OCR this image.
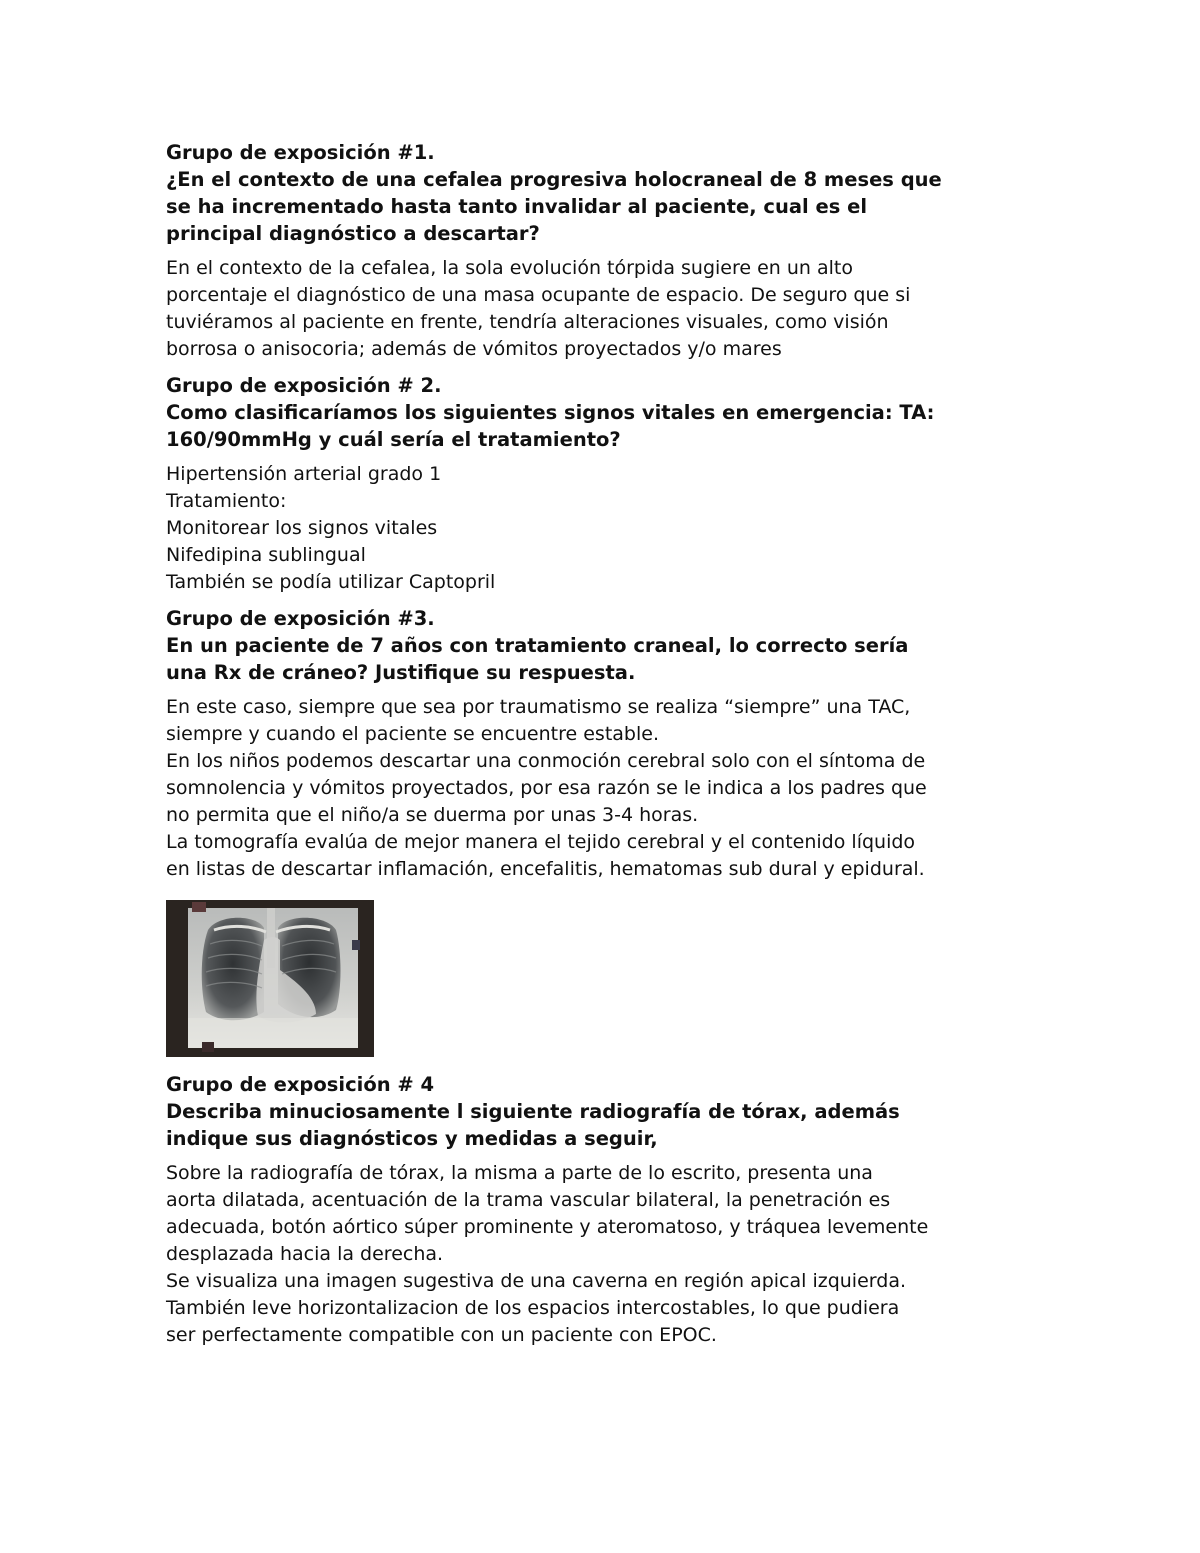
Grupo de exposición #1.
¿En el contexto de una cefalea progresiva holocraneal de 8 meses que
se ha incrementado hasta tanto invalidar al paciente, cual es el
principal diagnóstico a descartar?

En el contexto de la cefalea, la sola evolución tórpida sugiere en un alto
porcentaje el diagnóstico de una masa ocupante de espacio. De seguro que si
tuviéramos al paciente en frente, tendría alteraciones visuales, como visión
borrosa o anisocoria; además de vómitos proyectados y/o mares

Grupo de exposición # 2.
Como clasificaríamos los siguientes signos vitales en emergencia: TA:
160/90mmHg y cuál sería el tratamiento?

Hipertensión arterial grado 1
Tratamiento:
Monitorear los signos vitales
Nifedipina sublingual
También se podía utilizar Captopril

Grupo de exposición #3.
En un paciente de 7 años con tratamiento craneal, lo correcto sería
una Rx de cráneo? Justifique su respuesta.

En este caso, siempre que sea por traumatismo se realiza “siempre” una TAC,
siempre y cuando el paciente se encuentre estable.
En los niños podemos descartar una conmoción cerebral solo con el síntoma de
somnolencia y vómitos proyectados, por esa razón se le indica a los padres que
no permita que el niño/a se duerma por unas 3-4 horas.
La tomografía evalúa de mejor manera el tejido cerebral y el contenido líquido
en listas de descartar inflamación, encefalitis, hematomas sub dural y epidural.

Grupo de exposición # 4
Describa minuciosamente l siguiente radiografía de tórax, además
indique sus diagnósticos y medidas a seguir,

Sobre la radiografía de tórax, la misma a parte de lo escrito, presenta una
aorta dilatada, acentuación de la trama vascular bilateral, la penetración es
adecuada, botón aórtico súper prominente y ateromatoso, y tráquea levemente
desplazada hacia la derecha.
Se visualiza una imagen sugestiva de una caverna en región apical izquierda.
También leve horizontalizacion de los espacios intercostables, lo que pudiera
ser perfectamente compatible con un paciente con EPOC.
